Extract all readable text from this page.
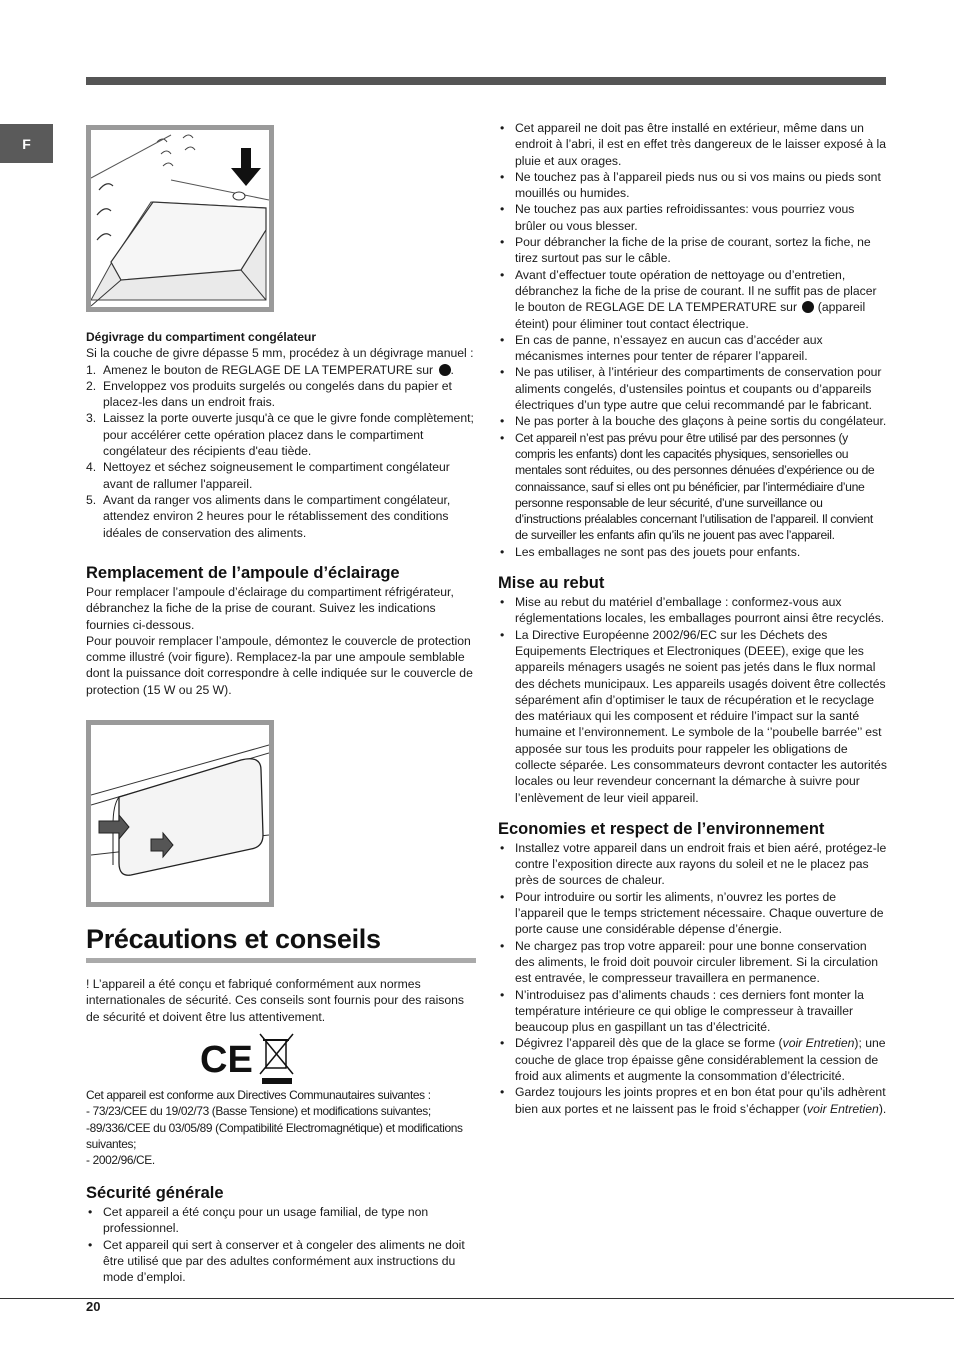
F

Dégivrage du compartiment congélateur

Si la couche de givre dépasse 5 mm, procédez à un dégivrage manuel :

1. Amenez le bouton de REGLAGE DE LA TEMPERATURE sur .
2. Enveloppez vos produits surgelés ou congelés dans du papier et placez-les dans un endroit frais.
3. Laissez la porte ouverte jusqu'à ce que le givre fonde complètement; pour accélérer cette opération placez dans le compartiment congélateur des récipients d'eau tiède.
4. Nettoyez et séchez soigneusement le compartiment congélateur avant de rallumer l'appareil.
5. Avant da ranger vos aliments dans le compartiment congélateur, attendez environ 2 heures pour le rétablissement des conditions idéales de conservation des aliments.
Remplacement de l’ampoule d’éclairage

Pour remplacer l’ampoule d’éclairage du compartiment réfrigérateur, débranchez la fiche de la prise de courant. Suivez les indications fournies ci-dessous.

Pour pouvoir remplacer l’ampoule, démontez le couvercle de protection comme illustré (voir figure). Remplacez-la par une ampoule semblable dont la puissance doit correspondre à celle indiquée sur le couvercle de protection (15 W ou 25 W).

Précautions et conseils
! L’appareil a été conçu et fabriqué conformément aux normes internationales de sécurité. Ces conseils sont fournis pour des raisons de sécurité et doivent être lus attentivement.
CE

Cet appareil est conforme aux Directives Communautaires suivantes :

- 73/23/CEE du 19/02/73 (Basse Tensione) et modifications suivantes;

-89/336/CEE du 03/05/89 (Compatibilité Electromagnétique) et modifications suivantes;

- 2002/96/CE.

Sécurité générale
• Cet appareil a été conçu pour un usage familial, de type non professionnel.
• Cet appareil qui sert à conserver et à congeler des aliments ne doit être utilisé que par des adultes conformément aux instructions du mode d’emploi.
• Cet appareil ne doit pas être installé en extérieur, même dans un endroit à l’abri, il est en effet très dangereux de le laisser exposé à la pluie et aux orages.
• Ne touchez pas à l’appareil pieds nus ou si vos mains ou pieds sont mouillés ou humides.
• Ne touchez pas aux parties refroidissantes: vous pourriez vous brûler ou vous blesser.
• Pour débrancher la fiche de la prise de courant, sortez la fiche, ne tirez surtout pas sur le câble.
• Avant d’effectuer toute opération de nettoyage ou d’entretien, débranchez la fiche de la prise de courant. Il ne suffit pas de placer le bouton de REGLAGE DE LA TEMPERATURE sur (appareil éteint) pour éliminer tout contact électrique.
• En cas de panne, n’essayez en aucun cas d’accéder aux mécanismes internes pour tenter de réparer l’appareil.
• Ne pas utiliser, à l’intérieur des compartiments de conservation pour aliments congelés, d’ustensiles pointus et coupants ou d’appareils électriques d’un type autre que celui recommandé par le fabricant.
• Ne pas porter à la bouche des glaçons à peine sortis du congélateur.
• Cet appareil n’est pas prévu pour être utilisé par des personnes (y compris les enfants) dont les capacités physiques, sensorielles ou mentales sont réduites, ou des personnes dénuées d’expérience ou de connaissance, sauf si elles ont pu bénéficier, par l’intermédiaire d’une personne responsable de leur sécurité, d’une surveillance ou d’instructions préalables concernant l’utilisation de l’appareil. Il convient de surveiller les enfants afin qu’ils ne jouent pas avec l’appareil.
• Les emballages ne sont pas des jouets pour enfants.
Mise au rebut
• Mise au rebut du matériel d’emballage : conformez-vous aux réglementations locales, les emballages pourront ainsi être recyclés.
• La Directive Européenne 2002/96/EC sur les Déchets des Equipements Electriques et Electroniques (DEEE), exige que les appareils ménagers usagés ne soient pas jetés dans le flux normal des déchets municipaux. Les appareils usagés doivent être collectés séparément afin d’optimiser le taux de récupération et le recyclage des matériaux qui les composent et réduire l’impact sur la santé humaine et l’environnement. Le symbole de la ‘’poubelle barrée’’ est apposée sur tous les produits pour rappeler les obligations de collecte séparée. Les consommateurs devront contacter les autorités locales ou leur revendeur concernant la démarche à suivre pour l’enlèvement de leur vieil appareil.
Economies et respect de l’environnement
• Installez votre appareil dans un endroit frais et bien aéré, protégez-le contre l’exposition directe aux rayons du soleil et ne le placez pas près de sources de chaleur.
• Pour introduire ou sortir les aliments, n’ouvrez les portes de l’appareil que le temps strictement nécessaire. Chaque ouverture de porte cause une considérable dépense d’énergie.
• Ne chargez pas trop votre appareil: pour une bonne conservation des aliments, le froid doit pouvoir circuler librement. Si la circulation est entravée, le compresseur travaillera en permanence.
• N’introduisez pas d’aliments chauds : ces derniers font monter la température intérieure ce qui oblige le compresseur à travailler beaucoup plus en gaspillant un tas d’électricité.
• Dégivrez l’appareil dès que de la glace se forme (voir Entretien); une couche de glace trop épaisse gêne considérablement la cession de froid aux aliments et augmente la consommation d’électricité.
• Gardez toujours les joints propres et en bon état pour qu’ils adhèrent bien aux portes et ne laissent pas le froid s’échapper (voir Entretien).
20
